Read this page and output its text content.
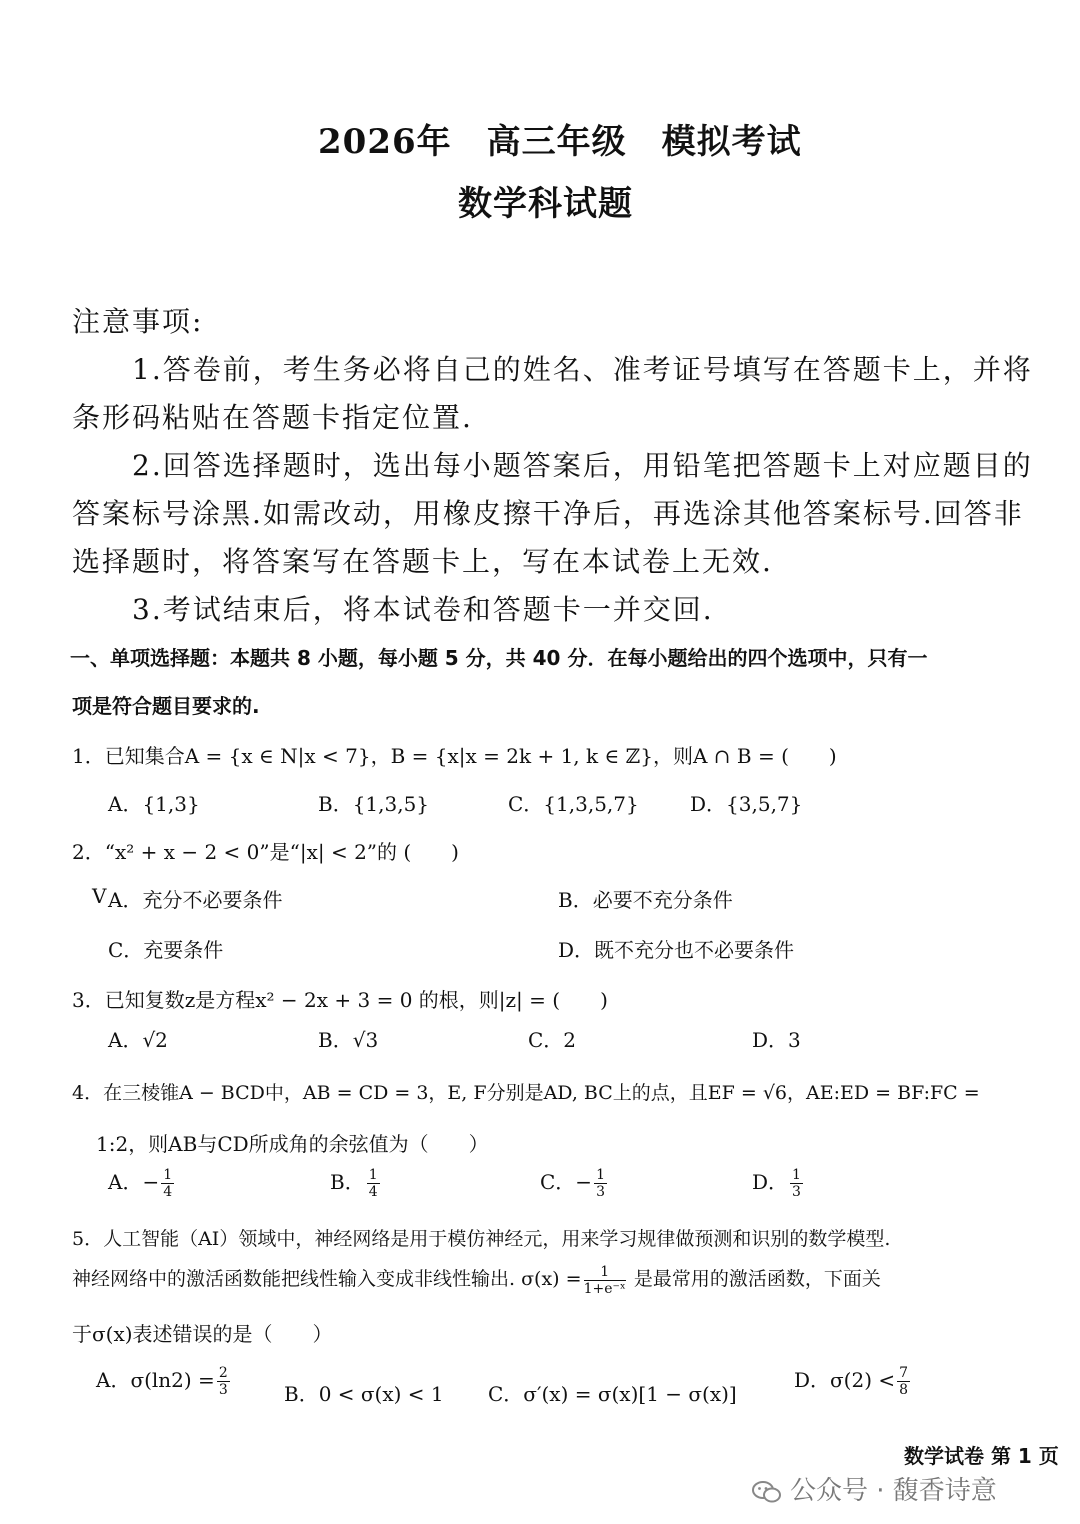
2026年　高三年级　模拟考试
数学科试题
注意事项:
1.答卷前，考生务必将自己的姓名、准考证号填写在答题卡上，并将
条形码粘贴在答题卡指定位置.
2.回答选择题时，选出每小题答案后，用铅笔把答题卡上对应题目的
答案标号涂黑.如需改动，用橡皮擦干净后，再选涂其他答案标号.回答非
选择题时，将答案写在答题卡上，写在本试卷上无效.
3.考试结束后，将本试卷和答题卡一并交回.
一、单项选择题：本题共 8 小题，每小题 5 分，共 40 分．在每小题给出的四个选项中，只有一
项是符合题目要求的.
1．已知集合A = {x ∈ N|x < 7}，B = {x|x = 2k + 1, k ∈ ℤ}，则A ∩ B = (　　)
A．{1,3}	B．{1,3,5}	C．{1,3,5,7}	D．{3,5,7}
2．“x² + x − 2 < 0”是“|x| < 2”的 (　　)
V A．充分不必要条件	B．必要不充分条件
C．充要条件	D．既不充分也不必要条件
3．已知复数z是方程x² − 2x + 3 = 0 的根，则|z| = (　　)
A．√2	B．√3	C．2	D．3
4．在三棱锥A − BCD中，AB = CD = 3，E, F分别是AD, BC上的点，且EF = √6，AE:ED = BF:FC =
1:2，则AB与CD所成角的余弦值为（　　）
A．− $\frac{1}{4}$	B． $\frac{1}{4}$	C．− $\frac{1}{3}$	D． $\frac{1}{3}$
5．人工智能（AI）领域中，神经网络是用于模仿神经元，用来学习规律做预测和识别的数学模型.
神经网络中的激活函数能把线性输入变成非线性输出. $\sigma(x) = \frac{1}{\text{1+e⁻ˣ}}$ 是最常用的激活函数，下面关
于σ(x)表述错误的是（　　）
A．$\sigma(\ln 2) = \frac{2}{3}$	B．0 < σ(x) < 1 C．σ′(x) = σ(x)[1 − σ(x)]
D．$\sigma(2) < \frac{7}{8}$
数学试卷 第 1 页
公众号 · 馥香诗意
